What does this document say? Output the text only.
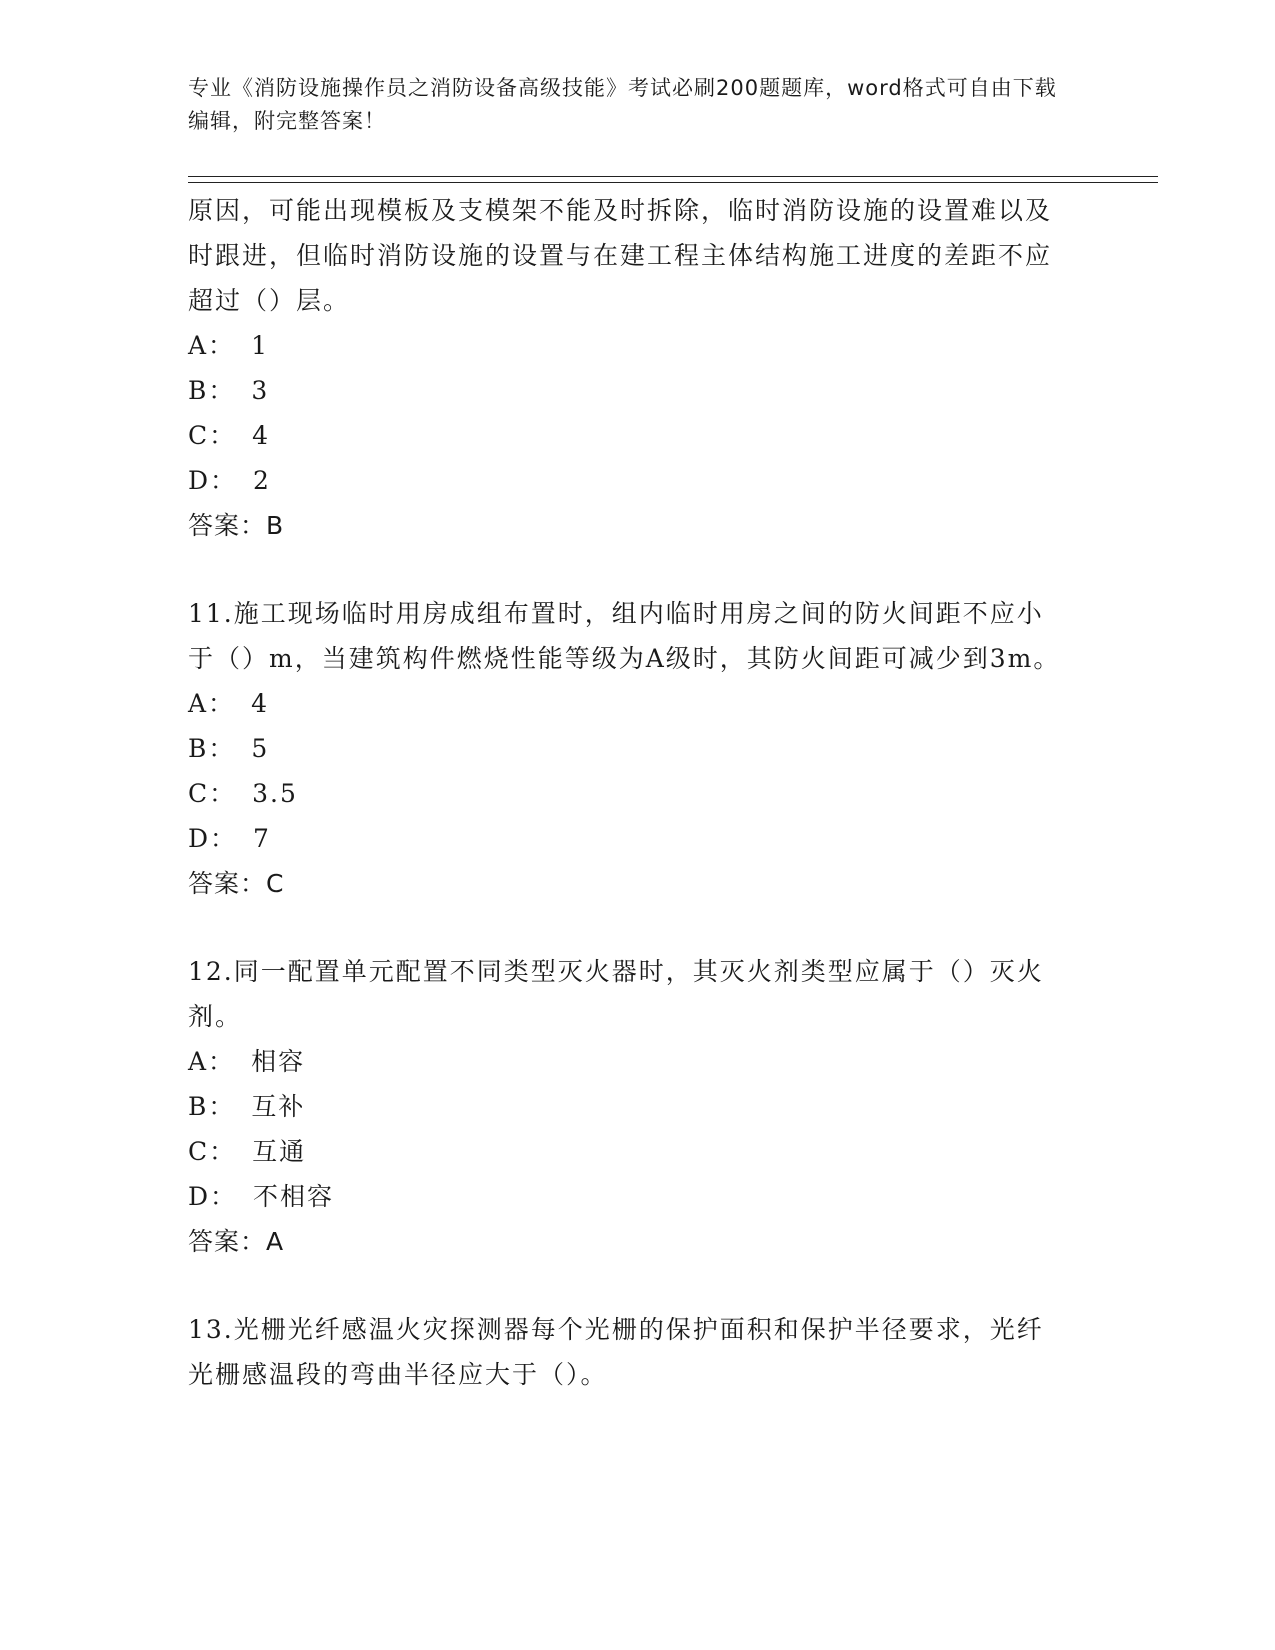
专业《消防设施操作员之消防设备高级技能》考试必刷200题题库，word格式可自由下载编辑，附完整答案！

原因，可能出现模板及支模架不能及时拆除，临时消防设施的设置难以及时跟进，但临时消防设施的设置与在建工程主体结构施工进度的差距不应超过（）层。

A： 1

B： 3

C： 4

D： 2

答案：B

11.施工现场临时用房成组布置时，组内临时用房之间的防火间距不应小于（）m，当建筑构件燃烧性能等级为A级时，其防火间距可减少到3m。

A： 4

B： 5

C： 3.5

D： 7

答案：C

12.同一配置单元配置不同类型灭火器时，其灭火剂类型应属于（）灭火剂。

A： 相容

B： 互补

C： 互通

D： 不相容

答案：A

13.光栅光纤感温火灾探测器每个光栅的保护面积和保护半径要求，光纤光栅感温段的弯曲半径应大于（）。
